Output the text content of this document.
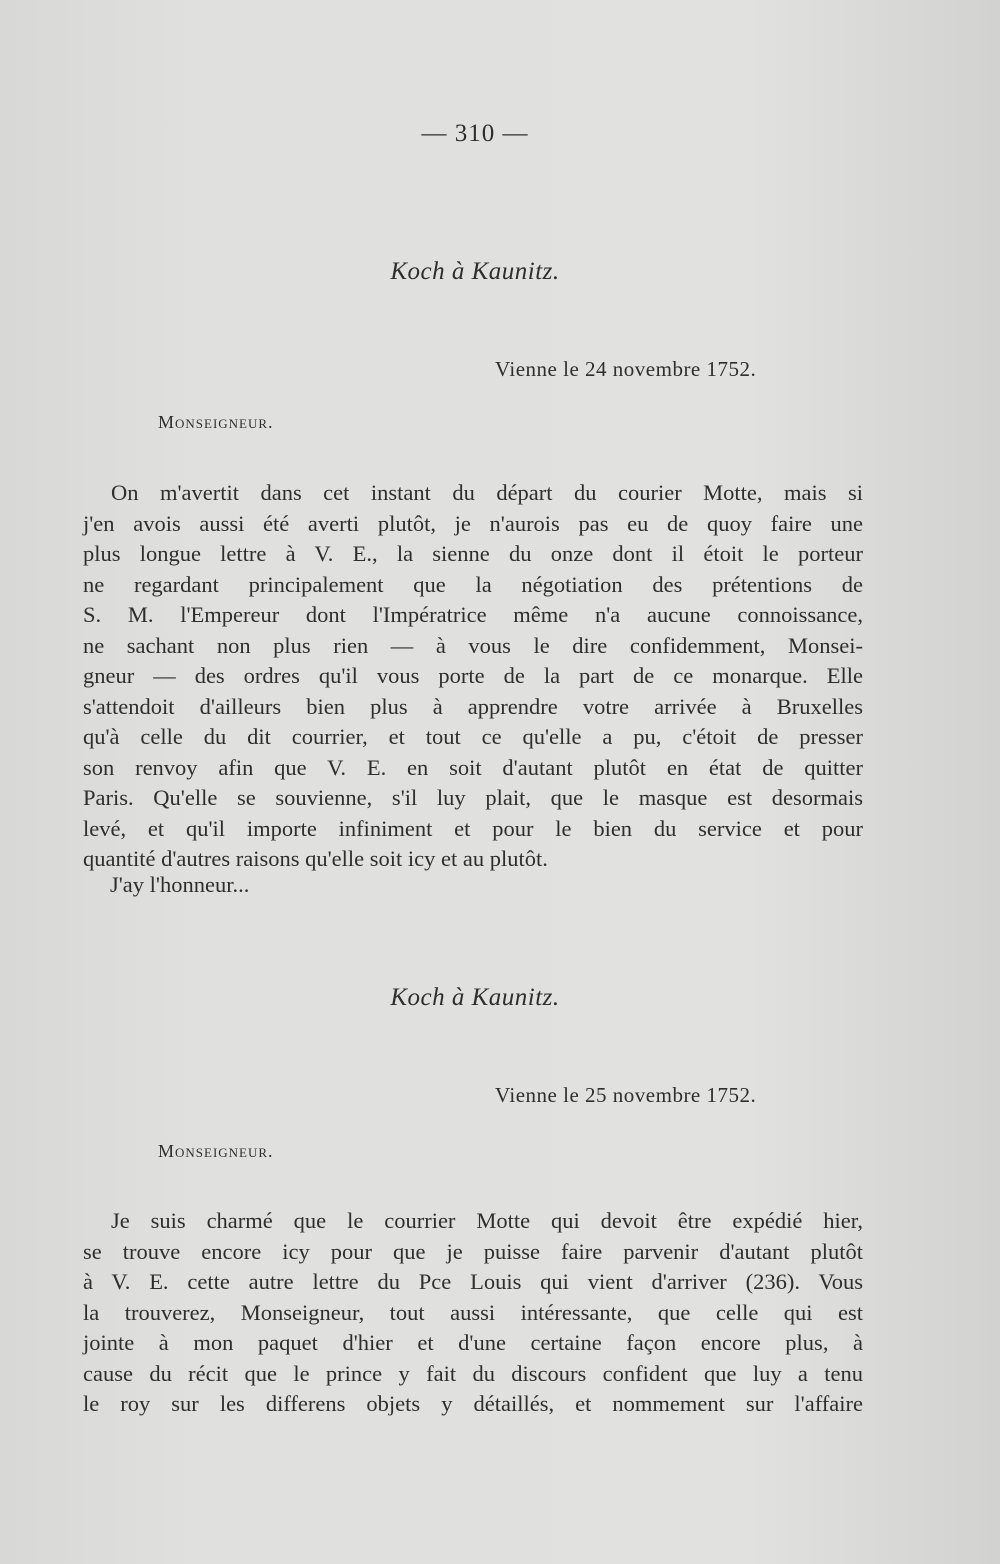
— 310 —
Koch à Kaunitz.
Vienne le 24 novembre 1752.
Monseigneur.
On m'avertit dans cet instant du départ du courier Motte, mais si
j'en avois aussi été averti plutôt, je n'aurois pas eu de quoy faire une
plus longue lettre à V. E., la sienne du onze dont il étoit le porteur
ne regardant principalement que la négotiation des prétentions de
S. M. l'Empereur dont l'Impératrice même n'a aucune connoissance,
ne sachant non plus rien — à vous le dire confidemment, Monsei-
gneur — des ordres qu'il vous porte de la part de ce monarque. Elle
s'attendoit d'ailleurs bien plus à apprendre votre arrivée à Bruxelles
qu'à celle du dit courrier, et tout ce qu'elle a pu, c'étoit de presser
son renvoy afin que V. E. en soit d'autant plutôt en état de quitter
Paris. Qu'elle se souvienne, s'il luy plait, que le masque est desormais
levé, et qu'il importe infiniment et pour le bien du service et pour
quantité d'autres raisons qu'elle soit icy et au plutôt.
J'ay l'honneur...
Koch à Kaunitz.
Vienne le 25 novembre 1752.
Monseigneur.
Je suis charmé que le courrier Motte qui devoit être expédié hier,
se trouve encore icy pour que je puisse faire parvenir d'autant plutôt
à V. E. cette autre lettre du Pce Louis qui vient d'arriver (236). Vous
la trouverez, Monseigneur, tout aussi intéressante, que celle qui est
jointe à mon paquet d'hier et d'une certaine façon encore plus, à
cause du récit que le prince y fait du discours confident que luy a tenu
le roy sur les differens objets y détaillés, et nommement sur l'affaire
